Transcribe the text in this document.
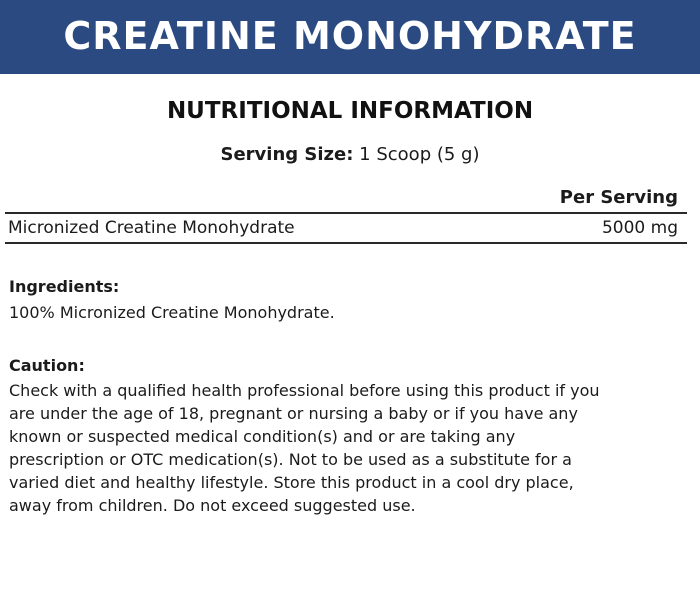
CREATINE MONOHYDRATE
NUTRITIONAL INFORMATION
Serving Size: 1 Scoop (5 g)
Per Serving
Micronized Creatine Monohydrate	5000 mg
Ingredients:
100% Micronized Creatine Monohydrate.
Caution:
Check with a qualified health professional before using this product if you
are under the age of 18, pregnant or nursing a baby or if you have any
known or suspected medical condition(s) and or are taking any
prescription or OTC medication(s). Not to be used as a substitute for a
varied diet and healthy lifestyle. Store this product in a cool dry place,
away from children. Do not exceed suggested use.
